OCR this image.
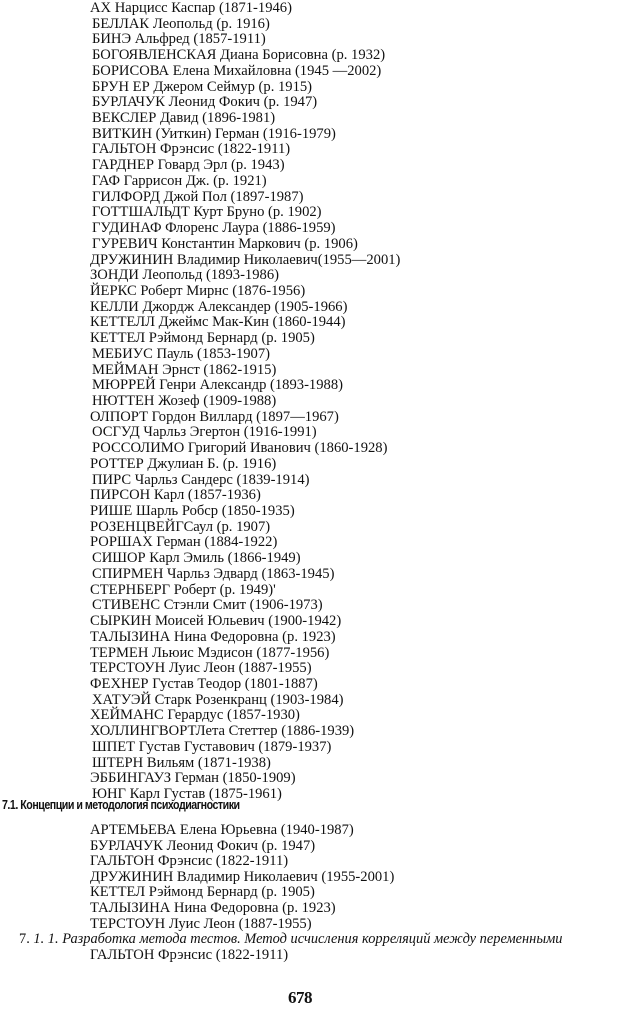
АХ Нарцисс Каспар (1871-1946)
БЕЛЛАК Леопольд (р. 1916)
БИНЭ Альфред (1857-1911)
БОГОЯВЛЕНСКАЯ Диана Борисовна (р. 1932)
БОРИСОВА Елена Михайловна (1945 —2002)
БРУН ЕР Джером Сеймур (р. 1915)
БУРЛАЧУК Леонид Фокич (р. 1947)
ВЕКСЛЕР Давид (1896-1981)
ВИТКИН (Уиткин) Герман (1916-1979)
ГАЛЬТОН Фрэнсис (1822-1911)
ГАРДНЕР Говард Эрл (р. 1943)
ГАФ Гаррисон Дж. (р. 1921)
ГИЛФОРД Джой Пол (1897-1987)
ГОТТШАЛЬДТ Курт Бруно (р. 1902)
ГУДИНАФ Флоренс Лаура (1886-1959)
ГУРЕВИЧ Константин Маркович (р. 1906)
ДРУЖИНИН Владимир Николаевич(1955—2001)
ЗОНДИ Леопольд (1893-1986)
ЙЕРКС Роберт Мирнс (1876-1956)
КЕЛЛИ Джордж Александер (1905-1966)
КЕТТЕЛЛ Джеймс Мак-Кин (1860-1944)
КЕТТЕЛ Рэймонд Бернард (р. 1905)
МЕБИУС Пауль (1853-1907)
МЕЙМАН Эрнст (1862-1915)
МЮРРЕЙ Генри Александр (1893-1988)
НЮТТЕН Жозеф (1909-1988)
ОЛПОРТ Гордон Виллард (1897—1967)
ОСГУД Чарльз Эгертон (1916-1991)
РОССОЛИМО Григорий Иванович (1860-1928)
РОТТЕР Джулиан Б. (р. 1916)
ПИРС Чарльз Сандерс (1839-1914)
ПИРСОН Карл (1857-1936)
РИШЕ Шарль Робср (1850-1935)
РОЗЕНЦВЕЙГСаул (р. 1907)
РОРШАХ Герман (1884-1922)
СИШОР Карл Эмиль (1866-1949)
СПИРМЕН Чарльз Эдвард (1863-1945)
СТЕРНБЕРГ Роберт (р. 1949)'
СТИВЕНС Стэнли Смит (1906-1973)
СЫРКИН Моисей Юльевич (1900-1942)
ТАЛЫЗИНА Нина Федоровна (р. 1923)
ТЕРМЕН Льюис Мэдисон (1877-1956)
ТЕРСТОУН Луис Леон (1887-1955)
ФЕХНЕР Густав Теодор (1801-1887)
ХАТУЭЙ Старк Розенкранц (1903-1984)
ХЕЙМАНС Герардус (1857-1930)
ХОЛЛИНГВОРТЛета Стеттер (1886-1939)
ШПЕТ Густав Густавович (1879-1937)
ШТЕРН Вильям (1871-1938)
ЭББИНГАУЗ Герман (1850-1909)
ЮНГ Карл Густав (1875-1961)
7.1. Концепции и методология психодиагностики
АРТЕМЬЕВА Елена Юрьевна (1940-1987)
БУРЛАЧУК Леонид Фокич (р. 1947)
ГАЛЬТОН Фрэнсис (1822-1911)
ДРУЖИНИН Владимир Николаевич (1955-2001)
КЕТТЕЛ Рэймонд Бернард (р. 1905)
ТАЛЫЗИНА Нина Федоровна (р. 1923)
ТЕРСТОУН Луис Леон (1887-1955)
7. 1. 1. Разработка метода тестов. Метод исчисления корреляций между переменными
ГАЛЬТОН Фрэнсис (1822-1911)
678
